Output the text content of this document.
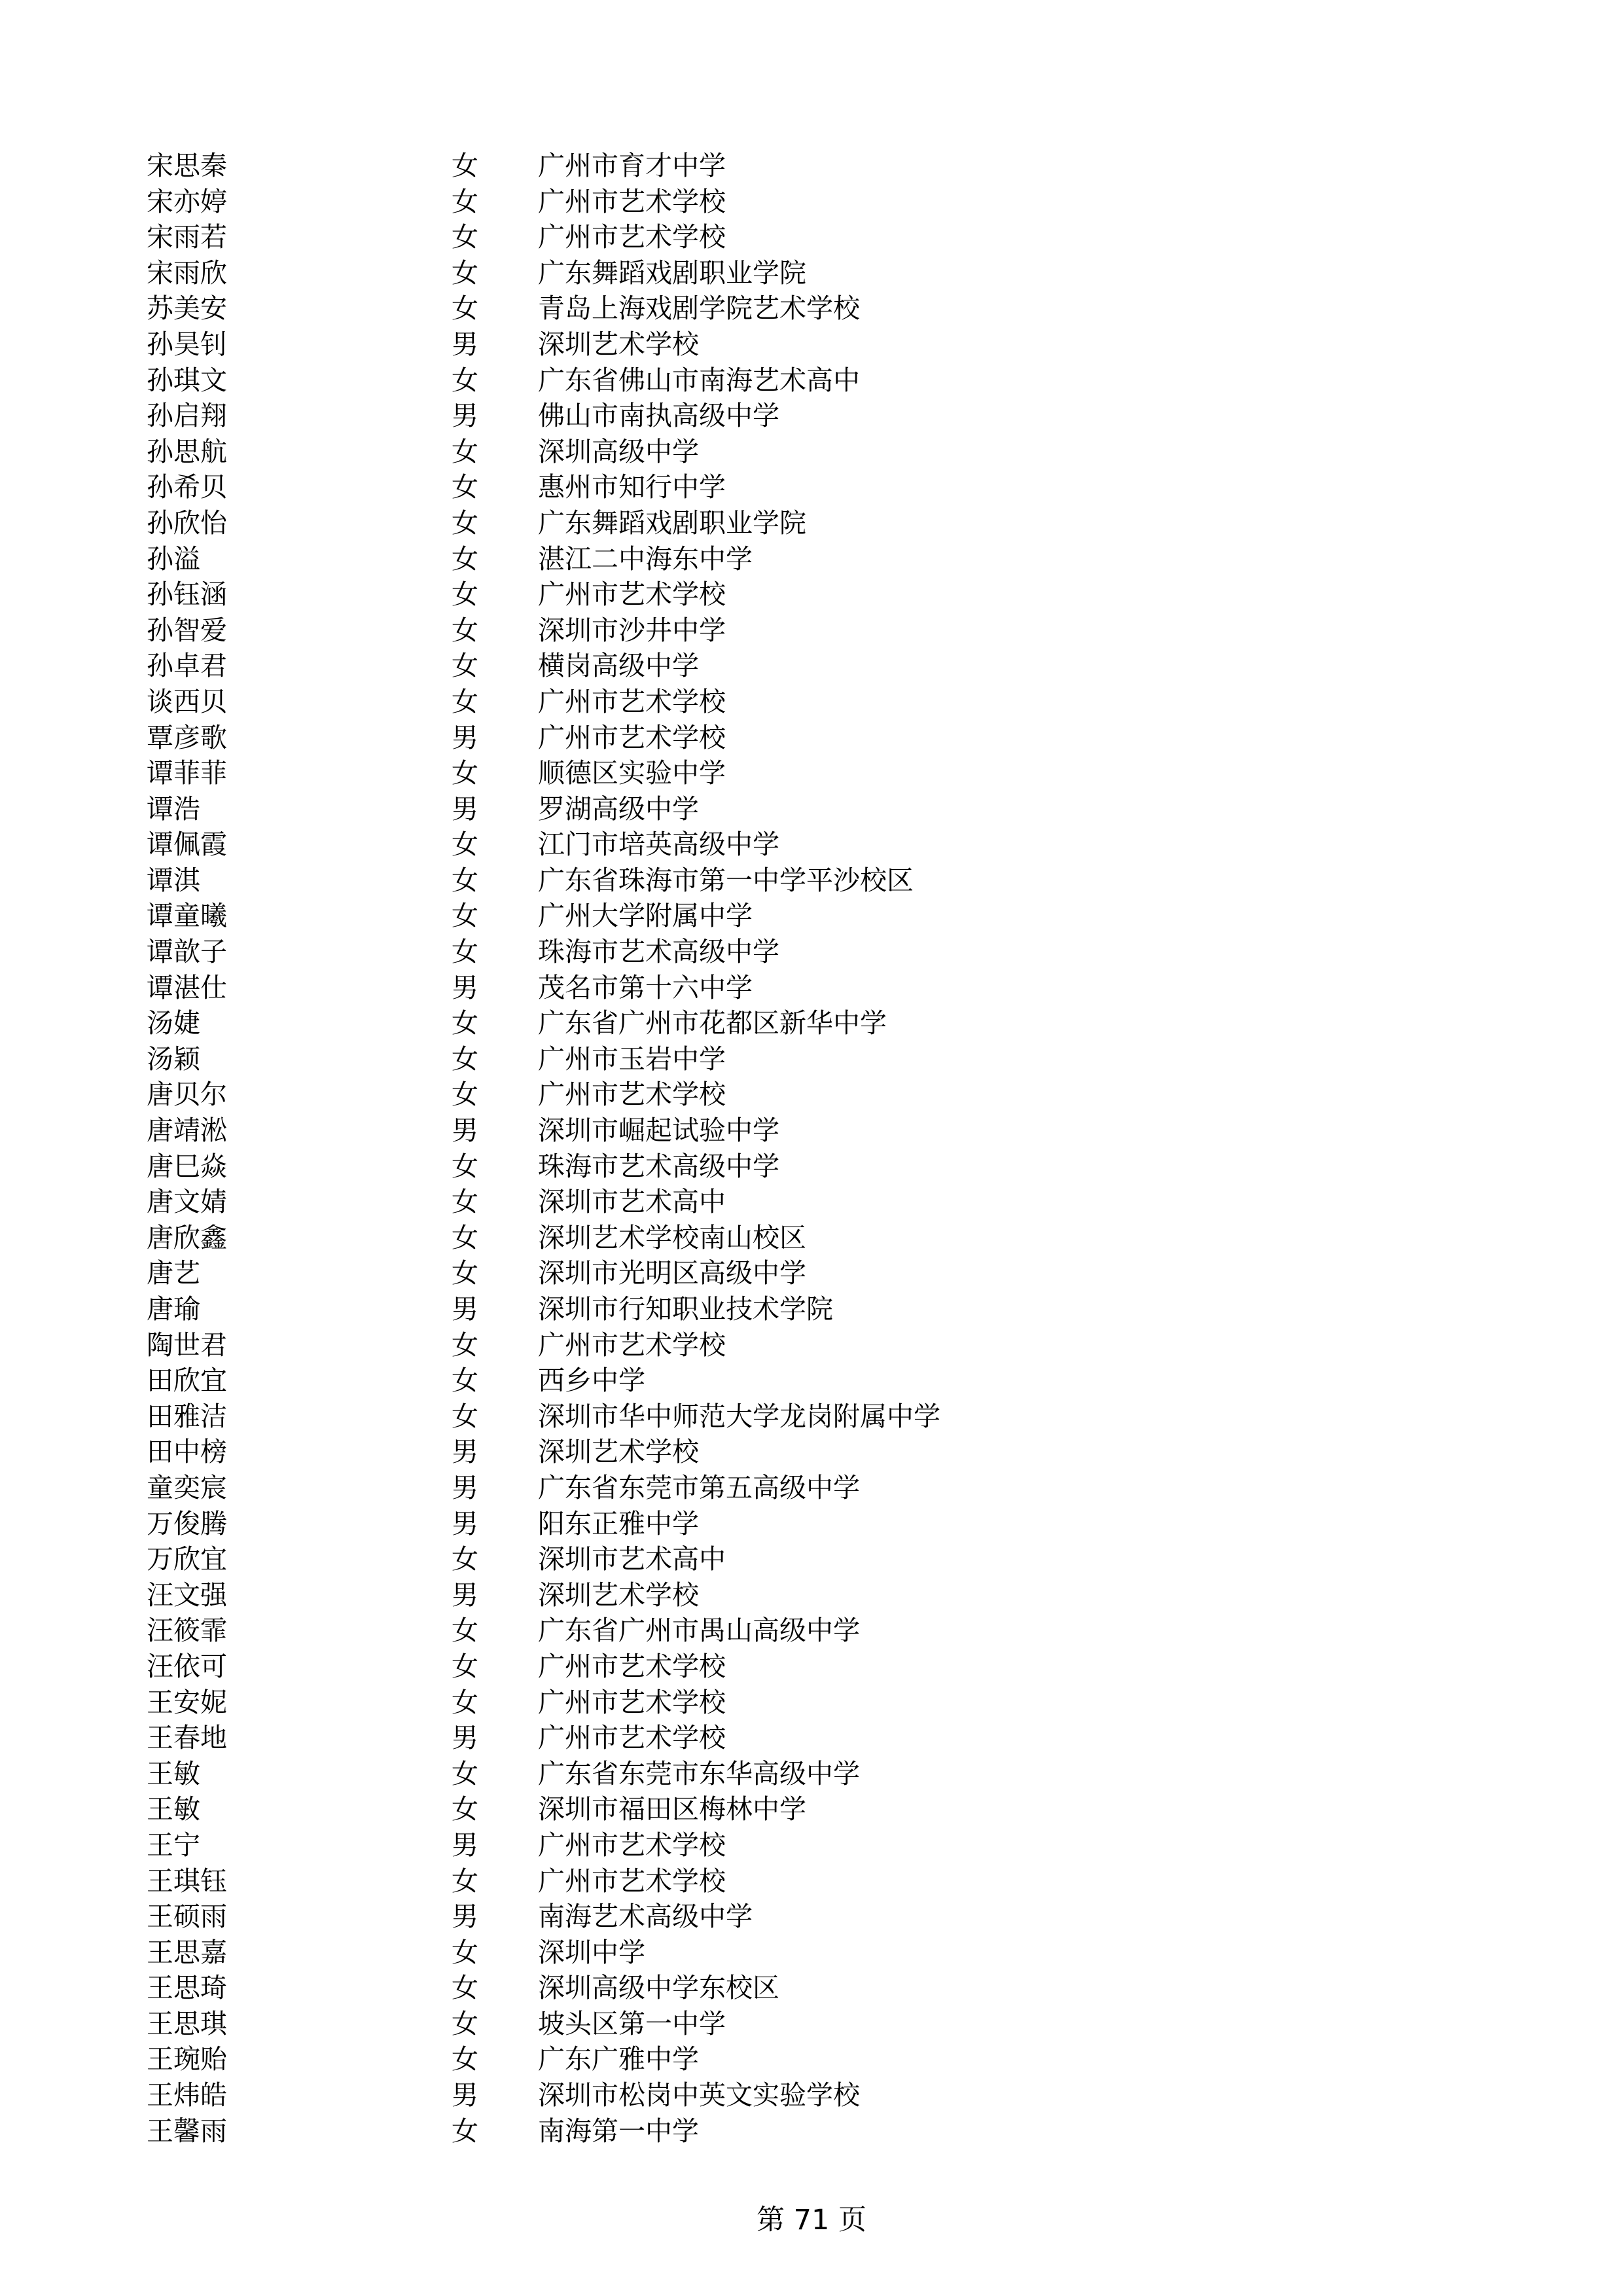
宋思秦	女 广州市育才中学
宋亦婷	女 广州市艺术学校
宋雨若	女 广州市艺术学校
宋雨欣	女 广东舞蹈戏剧职业学院
苏美安	女 青岛上海戏剧学院艺术学校
孙昊钊	男 深圳艺术学校
孙琪文	女 广东省佛山市南海艺术高中
孙启翔	男 佛山市南执高级中学
孙思航	女 深圳高级中学
孙希贝	女 惠州市知行中学
孙欣怡	女 广东舞蹈戏剧职业学院
孙溢	女 湛江二中海东中学
孙钰涵	女 广州市艺术学校
孙智爱	女 深圳市沙井中学
孙卓君	女 横岗高级中学
谈西贝	女 广州市艺术学校
覃彦歌	男 广州市艺术学校
谭菲菲	女 顺德区实验中学
谭浩	男 罗湖高级中学
谭佩霞	女 江门市培英高级中学
谭淇	女 广东省珠海市第一中学平沙校区
谭童曦	女 广州大学附属中学
谭歆子	女 珠海市艺术高级中学
谭湛仕	男 茂名市第十六中学
汤婕	女 广东省广州市花都区新华中学
汤颖	女 广州市玉岩中学
唐贝尔	女 广州市艺术学校
唐靖淞	男 深圳市崛起试验中学
唐巳焱	女 珠海市艺术高级中学
唐文婧	女 深圳市艺术高中
唐欣鑫	女 深圳艺术学校南山校区
唐艺	女 深圳市光明区高级中学
唐瑜	男 深圳市行知职业技术学院
陶世君	女 广州市艺术学校
田欣宜	女 西乡中学
田雅洁	女 深圳市华中师范大学龙岗附属中学
田中榜	男 深圳艺术学校
童奕宸	男 广东省东莞市第五高级中学
万俊腾	男 阳东正雅中学
万欣宜	女 深圳市艺术高中
汪文强	男 深圳艺术学校
汪筱霏	女 广东省广州市禺山高级中学
汪依可	女 广州市艺术学校
王安妮	女 广州市艺术学校
王春地	男 广州市艺术学校
王敏	女 广东省东莞市东华高级中学
王敏	女 深圳市福田区梅林中学
王宁	男 广州市艺术学校
王琪钰	女 广州市艺术学校
王硕雨	男 南海艺术高级中学
王思嘉	女 深圳中学
王思琦	女 深圳高级中学东校区
王思琪	女 坡头区第一中学
王琬贻	女 广东广雅中学
王炜皓	男 深圳市松岗中英文实验学校
王馨雨	女 南海第一中学
第 71 页
